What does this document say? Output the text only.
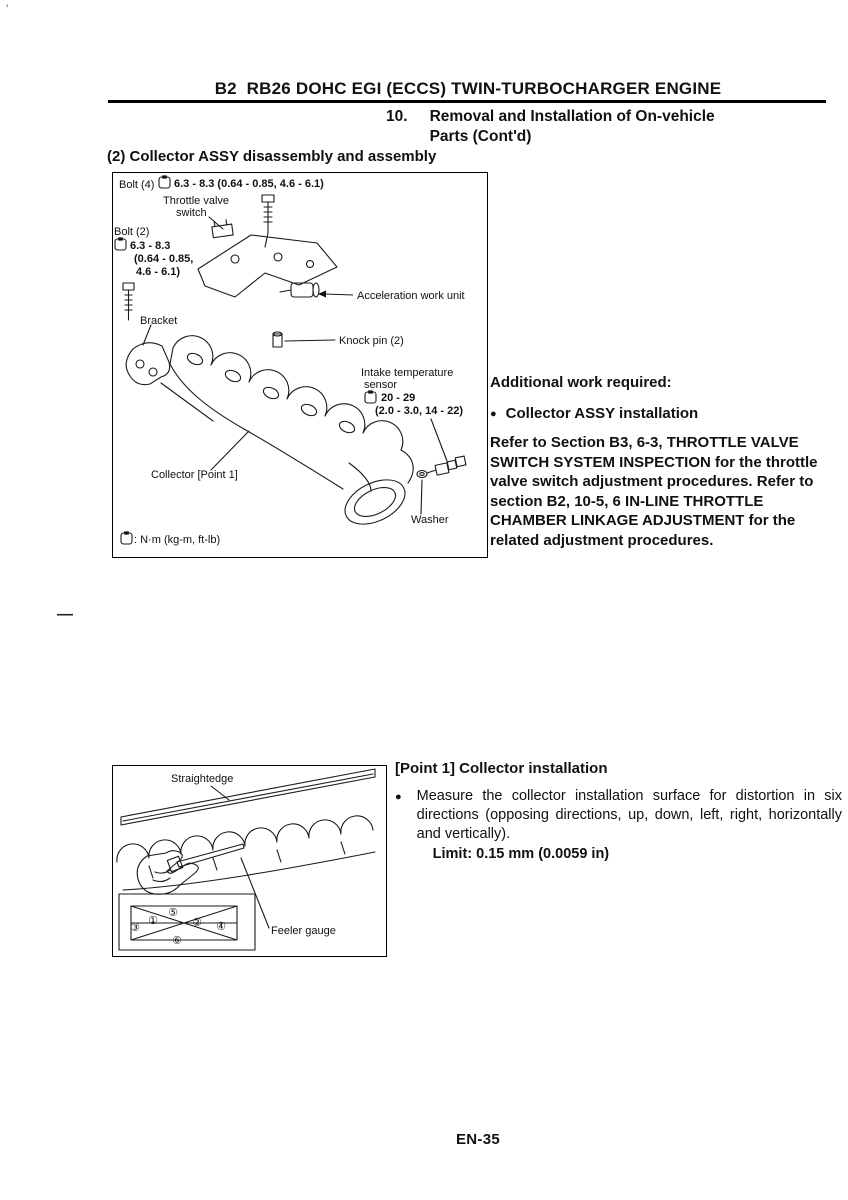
'
—
B2  RB26 DOHC EGI (ECCS) TWIN-TURBOCHARGER ENGINE
10. Removal and Installation of On-vehicle
Parts (Cont'd)
(2) Collector ASSY disassembly and assembly
Bolt (4) 6.3 - 8.3 (0.64 - 0.85, 4.6 - 6.1)
Throttle valve
switch
Bolt (2)
6.3 - 8.3
(0.64 - 0.85,
4.6 - 6.1)
Acceleration work unit
Bracket
Knock pin (2)
Intake temperature
sensor
20 - 29
(2.0 - 3.0, 14 - 22)
Collector [Point 1]
Washer
: N·m (kg-m, ft-lb)
Additional work required:
● Collector ASSY installation
Refer to Section B3, 6-3, THROTTLE VALVE SWITCH SYSTEM INSPECTION for the throttle valve switch adjustment procedures. Refer to section B2, 10-5, 6 IN-LINE THROTTLE CHAMBER LINKAGE ADJUSTMENT for the related adjustment procedures.
Straightedge
Feeler gauge
①	②
③	④
⑤
⑥
[Point 1] Collector installation
● Measure the collector installation surface for distortion in six directions (opposing directions, up, down, left, right, horizontally and vertically).
Limit: 0.15 mm (0.0059 in)
EN-35
